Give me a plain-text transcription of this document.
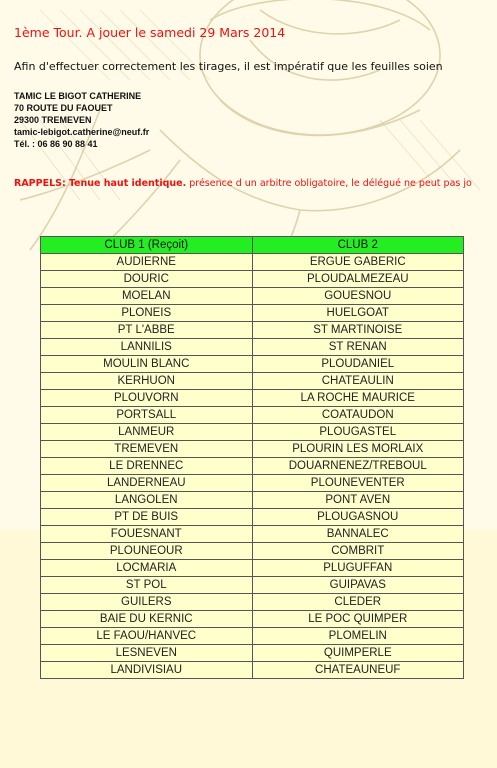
1ème Tour. A jouer le samedi 29 Mars 2014
Afin d'effectuer correctement les tirages, il est impératif que les feuilles soien
TAMIC LE BIGOT CATHERINE
70 ROUTE DU FAOUET
29300 TREMEVEN
tamic-lebigot.catherine@neuf.fr
Tél. : 06 86 90 88 41
RAPPELS: Tenue haut identique. présence d un arbitre obligatoire, le délégué ne peut pas jo
CLUB 1 (Reçoit)	CLUB 2
AUDIERNE	ERGUE GABERIC
DOURIC	PLOUDALMEZEAU
MOELAN	GOUESNOU
PLONEIS	HUELGOAT
PT L'ABBE	ST MARTINOISE
LANNILIS	ST RENAN
MOULIN BLANC	PLOUDANIEL
KERHUON	CHATEAULIN
PLOUVORN	LA ROCHE MAURICE
PORTSALL	COATAUDON
LANMEUR	PLOUGASTEL
TREMEVEN	PLOURIN LES MORLAIX
LE DRENNEC	DOUARNENEZ/TREBOUL
LANDERNEAU	PLOUNEVENTER
LANGOLEN	PONT AVEN
PT DE BUIS	PLOUGASNOU
FOUESNANT	BANNALEC
PLOUNEOUR	COMBRIT
LOCMARIA	PLUGUFFAN
ST POL	GUIPAVAS
GUILERS	CLEDER
BAIE DU KERNIC	LE POC QUIMPER
LE FAOU/HANVEC	PLOMELIN
LESNEVEN	QUIMPERLE
LANDIVISIAU	CHATEAUNEUF
